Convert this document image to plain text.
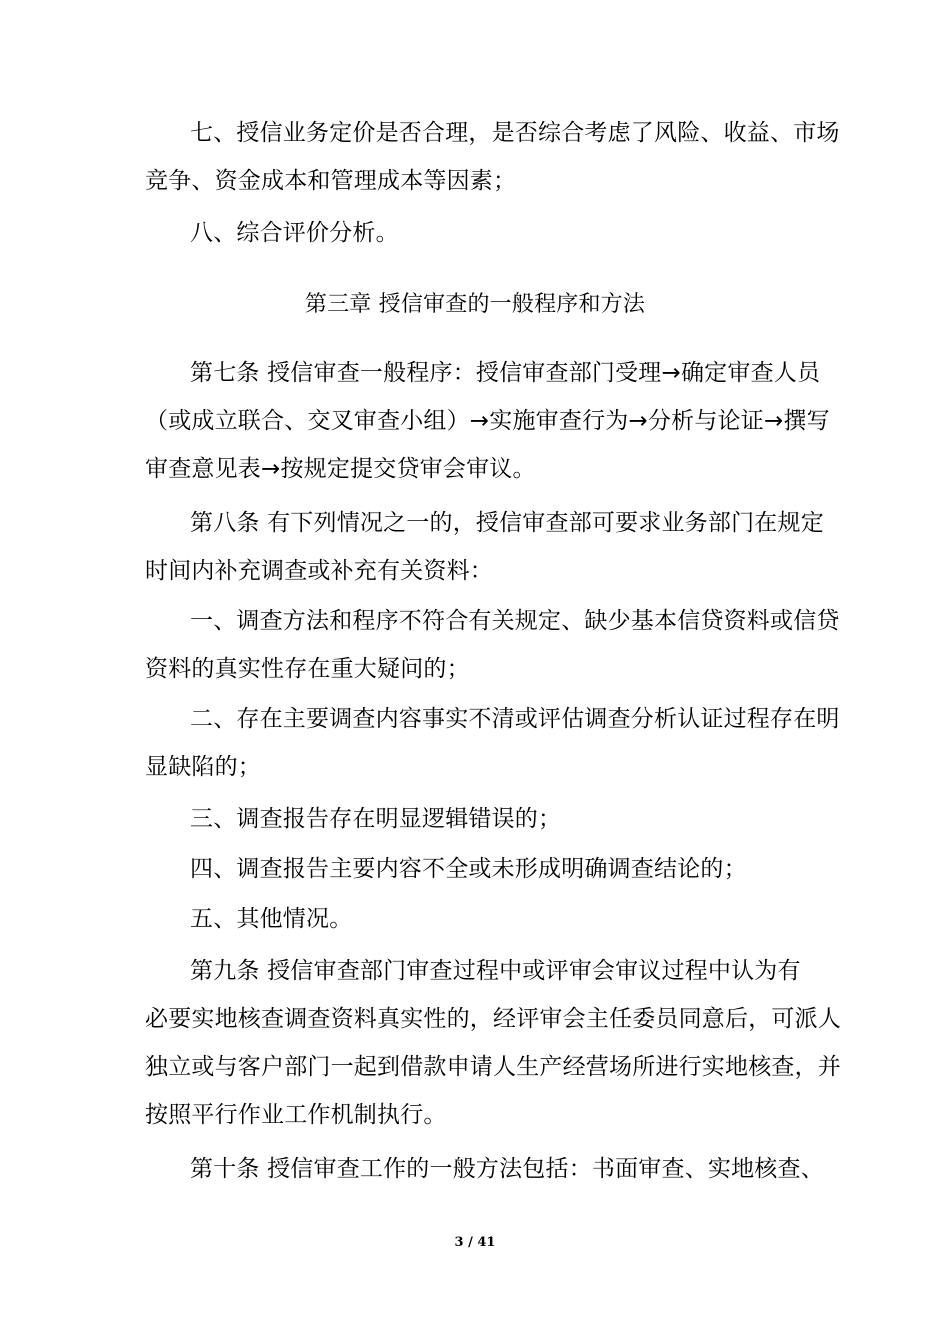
七、授信业务定价是否合理，是否综合考虑了风险、收益、市场
竞争、资金成本和管理成本等因素；
八、综合评价分析。
第三章 授信审查的一般程序和方法
第七条 授信审查一般程序：授信审查部门受理→确定审查人员
（或成立联合、交叉审查小组）→实施审查行为→分析与论证→撰写
审查意见表→按规定提交贷审会审议。
第八条 有下列情况之一的，授信审查部可要求业务部门在规定
时间内补充调查或补充有关资料：
一、调查方法和程序不符合有关规定、缺少基本信贷资料或信贷
资料的真实性存在重大疑问的；
二、存在主要调查内容事实不清或评估调查分析认证过程存在明
显缺陷的；
三、调查报告存在明显逻辑错误的；
四、调查报告主要内容不全或未形成明确调查结论的；
五、其他情况。
第九条 授信审查部门审查过程中或评审会审议过程中认为有
必要实地核查调查资料真实性的，经评审会主任委员同意后，可派人
独立或与客户部门一起到借款申请人生产经营场所进行实地核查，并
按照平行作业工作机制执行。
第十条 授信审查工作的一般方法包括：书面审查、实地核查、
3 / 41
